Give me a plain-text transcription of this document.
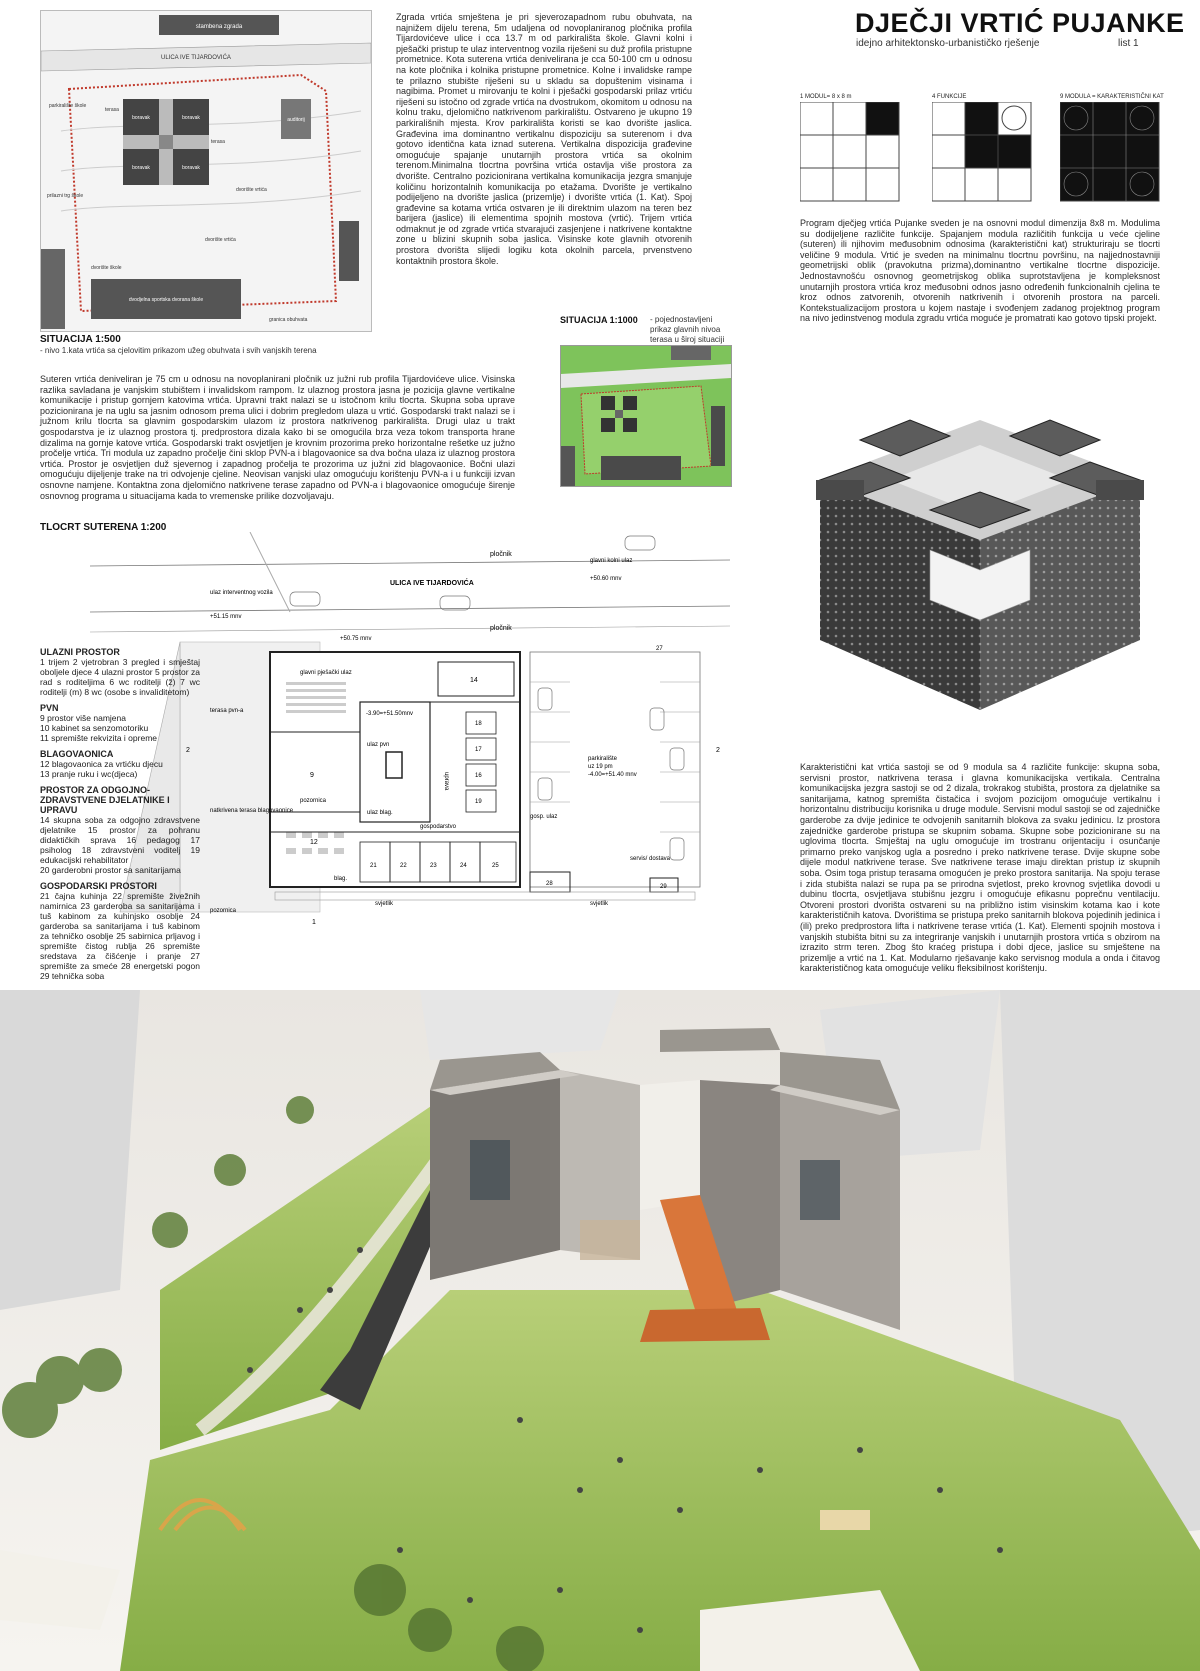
DJEČJI VRTIĆ PUJANKE
idejno arhitektonsko-urbanističko rješenje	list 1
stambena zgrada
ULICA IVE TIJARDOVIĆA
boravak	boravak
boravak	boravak
terasa
terasa
auditorij
dvodjelna sportska dvorana škole
parkiralište škole
prilazni trg škole
dvorište vrtića
dvorište vrtića
dvorište škole
granica obuhvata
SITUACIJA 1:500
- nivo 1.kata vrtića sa cjelovitim prikazom užeg obuhvata i svih vanjskih terena
Zgrada vrtića smještena je pri sjeverozapadnom rubu obuhvata, na najnižem dijelu terena, 5m udaljena od novoplaniranog pločnika profila Tijardovićeve ulice i cca 13.7 m od parkirališta škole. Glavni kolni i pješački pristup te ulaz interventnog vozila riješeni su duž profila pristupne prometnice. Kota suterena vrtića denivelirana je cca 50-100 cm u odnosu na kote pločnika i kolnika pristupne prometnice. Kolne i invalidske rampe te prilazno stubište riješeni su u skladu sa dopuštenim visinama i nagibima. Promet u mirovanju te kolni i pješački gospodarski prilaz vrtiću riješeni su istočno od zgrade vrtića na dvostrukom, okomitom u odnosu na kolnu traku, djelomično natkrivenom parkiralištu. Ostvareno je ukupno 19 parkirališnih mjesta. Krov parkirališta koristi se kao dvorište jaslica. Građevina ima dominantno vertikalnu dispoziciju sa suterenom i dva gotovo identična kata iznad suterena. Vertikalna dispozicija građevine omogućuje spajanje unutarnjih prostora vrtića sa okolnim terenom.Minimalna tlocrtna površina vrtića ostavlja više prostora za dvorište. Centralno pozicionirana vertikalna komunikacija jezgra smanjuje količinu horizontalnih komunikacija po etažama. Dvorište je vertikalno podijeljeno na dvorište jaslica (prizemlje) i dvorište vrtića (1. Kat). Spoj građevine sa kotama vrtića ostvaren je ili direktnim ulazom na teren bez barijera (jaslice) ili elementima spojnih mostova (vrtić). Trijem vrtića odmaknut je od zgrade vrtića stvarajući zasjenjene i natkrivene kontaktne zone u blizini skupnih soba jaslica. Visinske kote glavnih otvorenih prostora dvorišta slijedi logiku kota okolnih parcela, prvenstveno kontaktnih prostora škole.
SITUACIJA 1:1000 - pojednostavljeni prikaz glavnih nivoa terasa u široj situaciji
Suteren vrtića deniveliran je 75 cm u odnosu na novoplanirani pločnik uz južni rub profila Tijardovićeve ulice. Visinska razlika savladana je vanjskim stubištem i invalidskom rampom. Iz ulaznog prostora jasna je pozicija glavne vertikalne komunikacije i pristup gornjem katovima vrtića. Upravni trakt nalazi se u istočnom krilu tlocrta. Skupna soba uprave pozicionirana je na uglu sa jasnim odnosom prema ulici i dobrim pregledom ulaza u vrtić. Gospodarski trakt nalazi se i južnom krilu tlocrta sa glavnim gospodarskim ulazom iz prostora natkrivenog parkirališta. Drugi ulaz u trakt gospodarstva je iz ulaznog prostora tj. predprostora dizala kako bi se omogućila brza veza tokom transporta hrane dizalima na gornje katove vrtića. Gospodarski trakt osvjetljen je krovnim prozorima preko horizontalne rešetke uz južno pročelje vrtića. Tri modula uz zapadno pročelje čini sklop PVN-a i blagovaonice sa dva bočna ulaza iz ulaznog prostora vrtića. Prostor je osvjetljen duž sjevernog i zapadnog pročelja te prozorima uz južni zid blagovaonice. Bočni ulazi omogućuju dijeljenje trake na tri odvojenje cjeline. Neovisan vanjski ulaz omogućuju korištenju PVN-a i u funkciji izvan osnovne namjene. Kontaktna zona djelomično natkrivene terase zapadno od PVN-a i blagovaonice omogućuje širenje osnovnog programa u situacijama kada to vremenske prilike dozvoljavaju.
TLOCRT SUTERENA 1:200
pločnik
ULICA IVE TIJARDOVIĆA
pločnik
ulaz interventnog vozila
+51.15 mnv
glavni kolni ulaz
+50.60 mnv
+50.75 mnv
-3.90=+51.50mnv
glavni pješački ulaz
9
pozornica
12
blag.
ulaz pvn
ulaz blag.
14
uprava
18
17
16
19
gospodarstvo
21	22	23	24	25
gosp. ulaz
parkiralište
uz 19 pm
-4.00=+51.40 mnv
servis/ dostava
28	29
27
terasa pvn-a
natkrivena terasa blagovaonice
pozornica
svjetlik	svjetlik
2	2
1
ULAZNI PROSTOR
1 trijem 2 vjetrobran 3 pregled i smještaj oboljele djece 4 ulazni prostor 5 prostor za rad s roditeljima 6 wc roditelji (ž) 7 wc roditelji (m) 8 wc (osobe s invaliditetom)
PVN
9 prostor više namjena
10 kabinet sa senzomotoriku
11 spremište rekvizita i opreme
BLAGOVAONICA
12 blagovaonica za vrtićku djecu
13 pranje ruku i wc(djeca)
PROSTOR ZA ODGOJNO-ZDRAVSTVENE DJELATNIKE I UPRAVU
14 skupna soba za odgojno zdravstvene djelatnike 15 prostor za pohranu didaktičkih sprava 16 pedagog 17 psiholog 18 zdravstveni voditelj 19 edukacijski rehabilitator
20 garderobni prostor sa sanitarijama
GOSPODARSKI PROSTORI
21 čajna kuhinja 22 spremište živežnih namirnica 23 garderoba sa sanitarijama i tuš kabinom za kuhinjsko osoblje 24 garderoba sa sanitarijama i tuš kabinom za tehničko osoblje 25 sabirnica prljavog i spremište čistog rublja 26 spremište sredstava za čišćenje i pranje 27 spremište za smeće 28 energetski pogon 29 tehnička soba
1 MODUL= 8 x 8 m	4 FUNKCIJE	9 MODULA = KARAKTERISTIČNI KAT
Program dječjeg vrtića Pujanke sveden je na osnovni modul dimenzija 8x8 m. Modulima su dodijeljene različite funkcije. Spajanjem modula različitih funkcija u veće cjeline (suteren) ili njihovim međusobnim odnosima (karakteristični kat) strukturiraju se tlocrti veličine 9 modula. Vrtić je sveden na minimalnu tlocrtnu površinu, na najjednostavniji geometrijski oblik (pravokutna prizma),dominantno vertikalne tlocrtne dispozicije. Jednostavnošću osnovnog geometrijskog oblika suprotstavljena je kompleksnost unutarnjih prostora vrtića kroz međusobni odnos jasno određenih funkcionalnih cjelina te kroz odnos zatvorenih, otvorenih natkrivenih i otvorenih prostora na parceli. Kontekstualizacijom prostora u kojem nastaje i svođenjem zadanog projektnog program na nivo jedinstvenog modula zgradu vrtića moguće je promatrati kao gotovo tipski projekt.
Karakteristični kat vrtića sastoji se od 9 modula sa 4 različite funkcije: skupna soba, servisni prostor, natkrivena terasa i glavna komunikacijska vertikala. Centralna komunikacijska jezgra sastoji se od 2 dizala, trokrakog stubišta, prostora za djelatnike sa sanitarijama, katnog spremišta čistačica i svojom pozicijom omogućuje vertikalnu i horizontalnu distribuciju korisnika u druge module. Servisni modul sastoji se od zajedničke garderobe za dvije jedinice te odvojenih sanitarnih blokova za svaku jedinicu. Iz prostora zajedničke garderobe pristupa se skupnim sobama. Skupne sobe pozicionirane su na uglovima tlocrta. Smještaj na uglu omogućuje im trostranu orijentaciju i osunčanje primarno preko vanjskog ugla a posredno i preko natkrivene terase. Dvije skupne sobe dijele modul natkrivene terase. Sve natkrivene terase imaju direktan pristup iz skupnih soba. Osim toga pristup terasama omogućen je preko prostora sanitarija. Na spoju terase i zida stubišta nalazi se rupa pa se prirodna svjetlost, preko krovnog svjetlika dovodi u dubinu tlocrta, osvjetljava stubišnu jezgru i omogućuje efikasnu poprečnu ventilaciju. Otvoreni prostori dvorišta ostvareni su na približno istim visinskim kotama kao i kote karakterističnih katova. Dvorištima se pristupa preko sanitarnih blokova pojedinih jedinica i (ili) preko predprostora lifta i natkrivene terase vrtića (1. Kat). Elementi spojnih mostova i vanjskih stubišta bitni su za integriranje vanjskih i unutarnjih prostora vrtića s obzirom na izrazito strm teren. Zbog što kraćeg pristupa i dobi djece, jaslice su smještene na prizemlje a vrtić na 1. Kat. Modularno rješavanje kako servisnog modula a onda i čitavog karakterističnog kata omogućuje veliku fleksibilnost korištenju.
